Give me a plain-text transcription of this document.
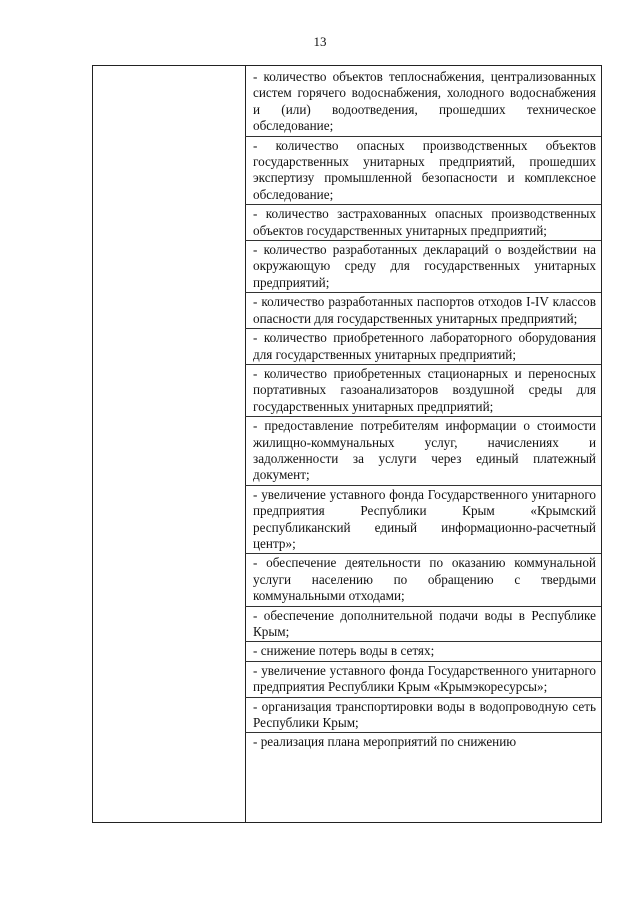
13
- количество объектов теплоснабжения, централизованных систем горячего водоснабжения, холодного водоснабжения и (или) водоотведения, прошедших техническое обследование;
- количество опасных производственных объектов государственных унитарных предприятий, прошедших экспертизу промышленной безопасности и комплексное обследование;
- количество застрахованных опасных производственных объектов государственных унитарных предприятий;
- количество разработанных деклараций о воздействии на окружающую среду для государственных унитарных предприятий;
- количество разработанных паспортов отходов I-IV классов опасности для государственных унитарных предприятий;
- количество приобретенного лабораторного оборудования для государственных унитарных предприятий;
- количество приобретенных стационарных и переносных портативных газоанализаторов воздушной среды для государственных унитарных предприятий;
- предоставление потребителям информации о стоимости жилищно-коммунальных услуг, начислениях и задолженности за услуги через единый платежный документ;
- увеличение уставного фонда Государственного унитарного предприятия Республики Крым «Крымский республиканский единый информационно-расчетный центр»;
- обеспечение деятельности по оказанию коммунальной услуги населению по обращению с твердыми коммунальными отходами;
- обеспечение дополнительной подачи воды в Республике Крым;
- снижение потерь воды в сетях;
- увеличение уставного фонда Государственного унитарного предприятия Республики Крым «Крымэкоресурсы»;
- организация транспортировки воды в водопроводную сеть Республики Крым;
- реализация плана мероприятий по снижению
